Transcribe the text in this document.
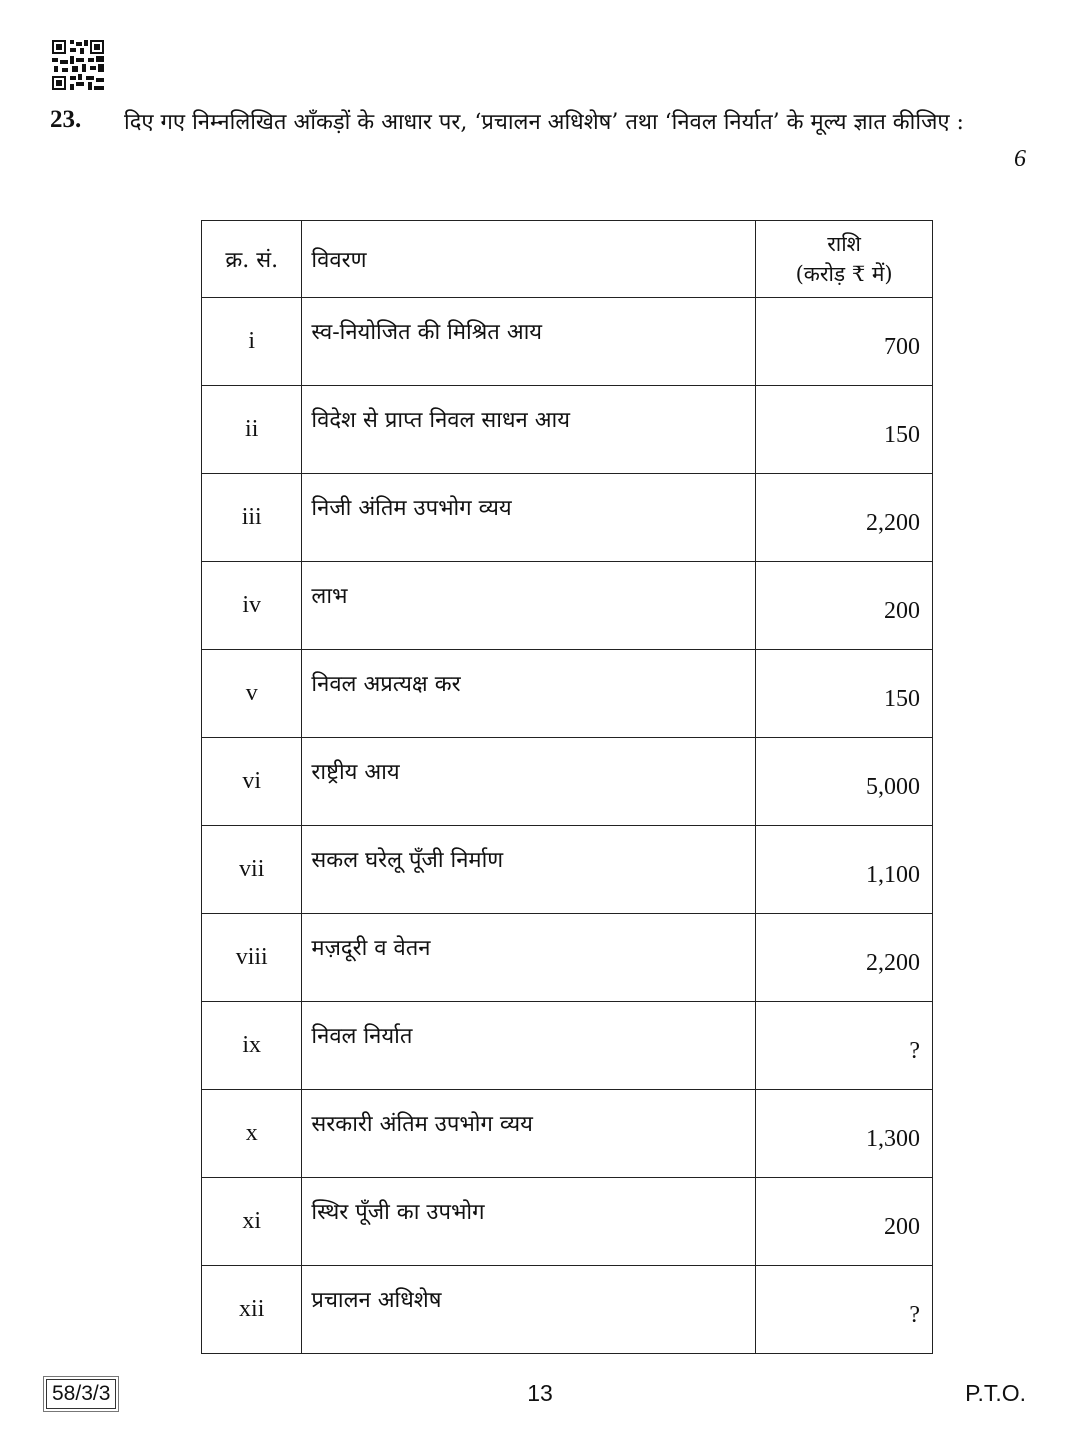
23. दिए गए निम्नलिखित आँकड़ों के आधार पर, ‘प्रचालन अधिशेष’ तथा ‘निवल निर्यात’ के मूल्य ज्ञात कीजिए :
6
क्र. सं.	विवरण	राशि
(करोड़ ₹ में)

i	स्व-नियोजित की मिश्रित आय	700
ii	विदेश से प्राप्त निवल साधन आय	150
iii	निजी अंतिम उपभोग व्यय	2,200
iv	लाभ	200
v	निवल अप्रत्यक्ष कर	150
vi	राष्ट्रीय आय	5,000
vii	सकल घरेलू पूँजी निर्माण	1,100
viii	मज़दूरी व वेतन	2,200
ix	निवल निर्यात	?
x	सरकारी अंतिम उपभोग व्यय	1,300
xi	स्थिर पूँजी का उपभोग	200
xii	प्रचालन अधिशेष	?
58/3/3	13	P.T.O.
